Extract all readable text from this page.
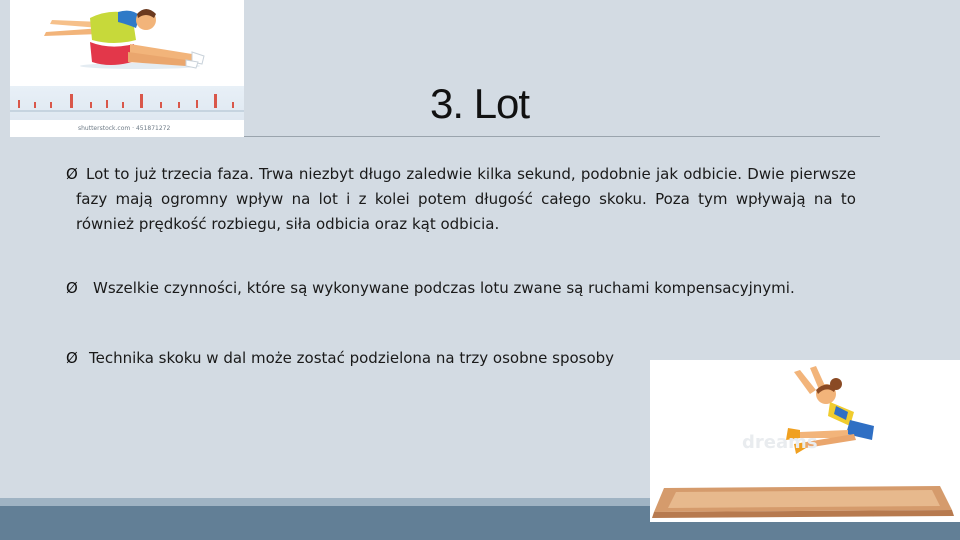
shutterstock.com · 451871272
3. Lot
Ø Lot to już trzecia faza. Trwa niezbyt długo zaledwie kilka sekund, podobnie jak odbicie. Dwie pierwsze fazy mają ogromny wpływ na lot i z kolei potem długość całego skoku. Poza tym wpływają na to również prędkość rozbiegu, siła odbicia oraz kąt odbicia.
Ø	Wszelkie czynności, które są wykonywane podczas lotu zwane są ruchami kompensacyjnymi.
Ø Technika skoku w dal może zostać podzielona na trzy osobne sposoby
dreams
